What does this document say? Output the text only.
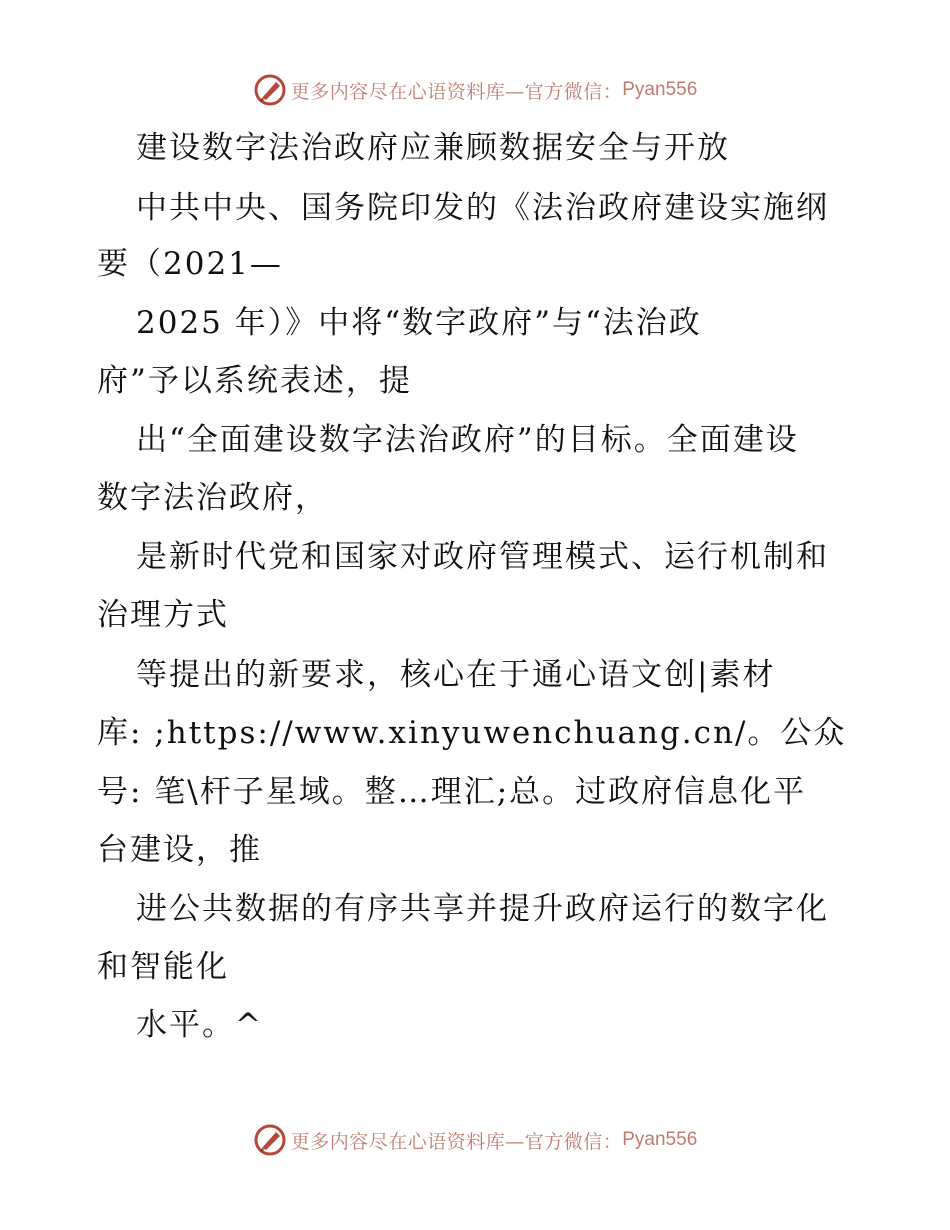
更多内容尽在心语资料库—官方微信： Pyan556

建设数字法治政府应兼顾数据安全与开放

中共中央、国务院印发的《法治政府建设实施纲

要（2021—

2025 年）》中将“数字政府”与“法治政

府”予以系统表述，提

出“全面建设数字法治政府”的目标。全面建设

数字法治政府，

是新时代党和国家对政府管理模式、运行机制和

治理方式

等提出的新要求，核心在于通心语文创|素材

库: ;https://www.xinyuwenchuang.cn/。公众

号: 笔\杆子星域。整…理汇;总。过政府信息化平

台建设，推

进公共数据的有序共享并提升政府运行的数字化

和智能化

水平。^

更多内容尽在心语资料库—官方微信： Pyan556
